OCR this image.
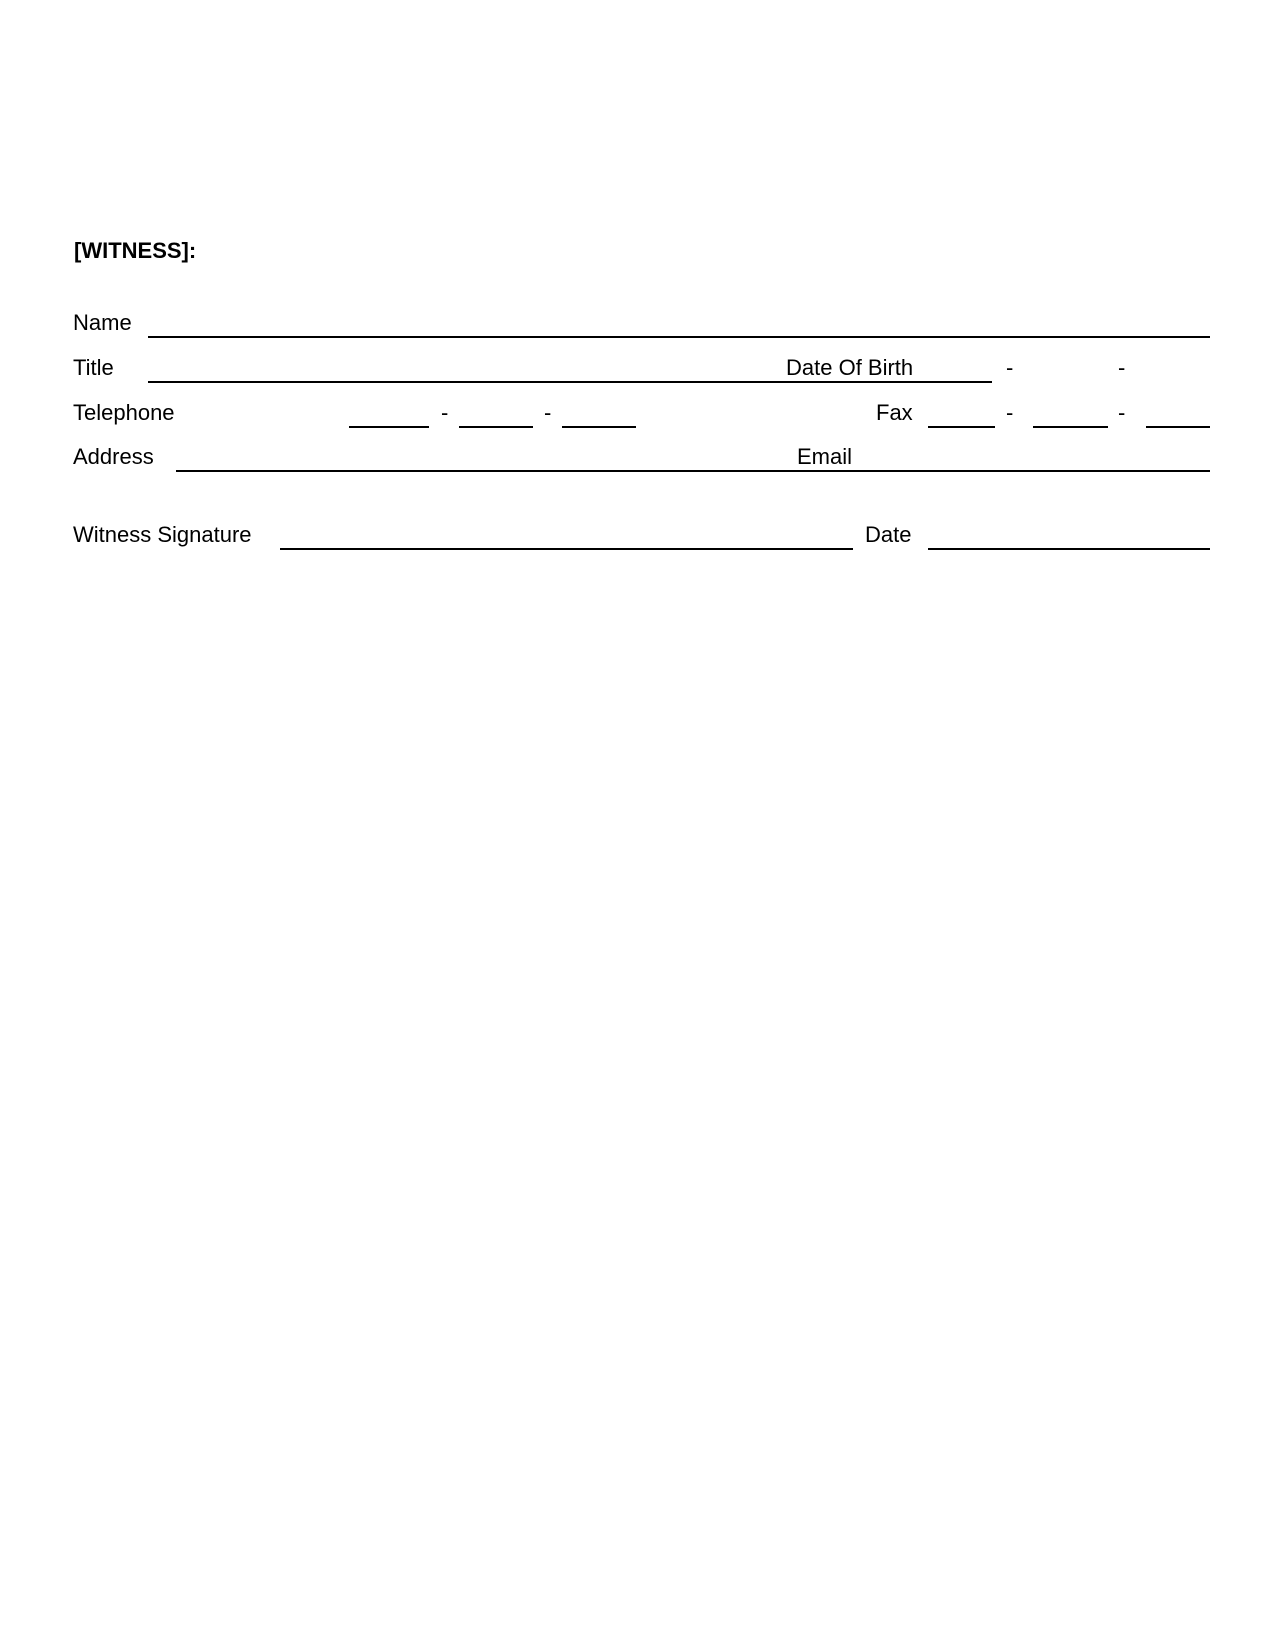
[WITNESS]:
Name
Title	Date Of Birth	-	-
Telephone	-	-	Fax	-	-
Address	Email
Witness Signature	Date
